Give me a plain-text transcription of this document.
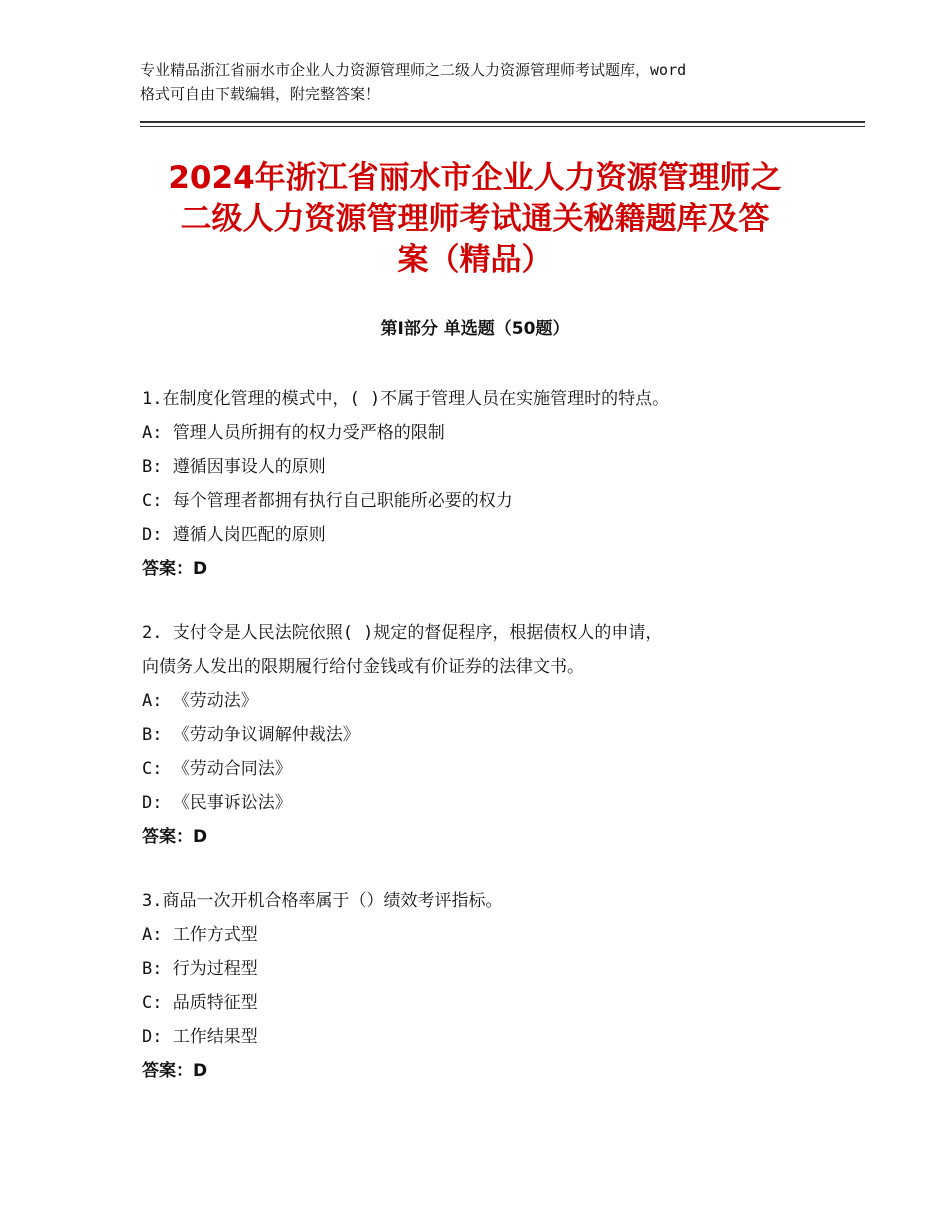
专业精品浙江省丽水市企业人力资源管理师之二级人力资源管理师考试题库，word
格式可自由下载编辑，附完整答案！
2024年浙江省丽水市企业人力资源管理师之
二级人力资源管理师考试通关秘籍题库及答
案（精品）
第Ⅰ部分 单选题（50题）
1.在制度化管理的模式中，( )不属于管理人员在实施管理时的特点。
A: 管理人员所拥有的权力受严格的限制
B: 遵循因事设人的原则
C: 每个管理者都拥有执行自己职能所必要的权力
D: 遵循人岗匹配的原则
答案：D
2. 支付令是人民法院依照( )规定的督促程序，根据债权人的申请，
向债务人发出的限期履行给付金钱或有价证券的法律文书。
A: 《劳动法》
B: 《劳动争议调解仲裁法》
C: 《劳动合同法》
D: 《民事诉讼法》
答案：D
3.商品一次开机合格率属于（）绩效考评指标。
A: 工作方式型
B: 行为过程型
C: 品质特征型
D: 工作结果型
答案：D
